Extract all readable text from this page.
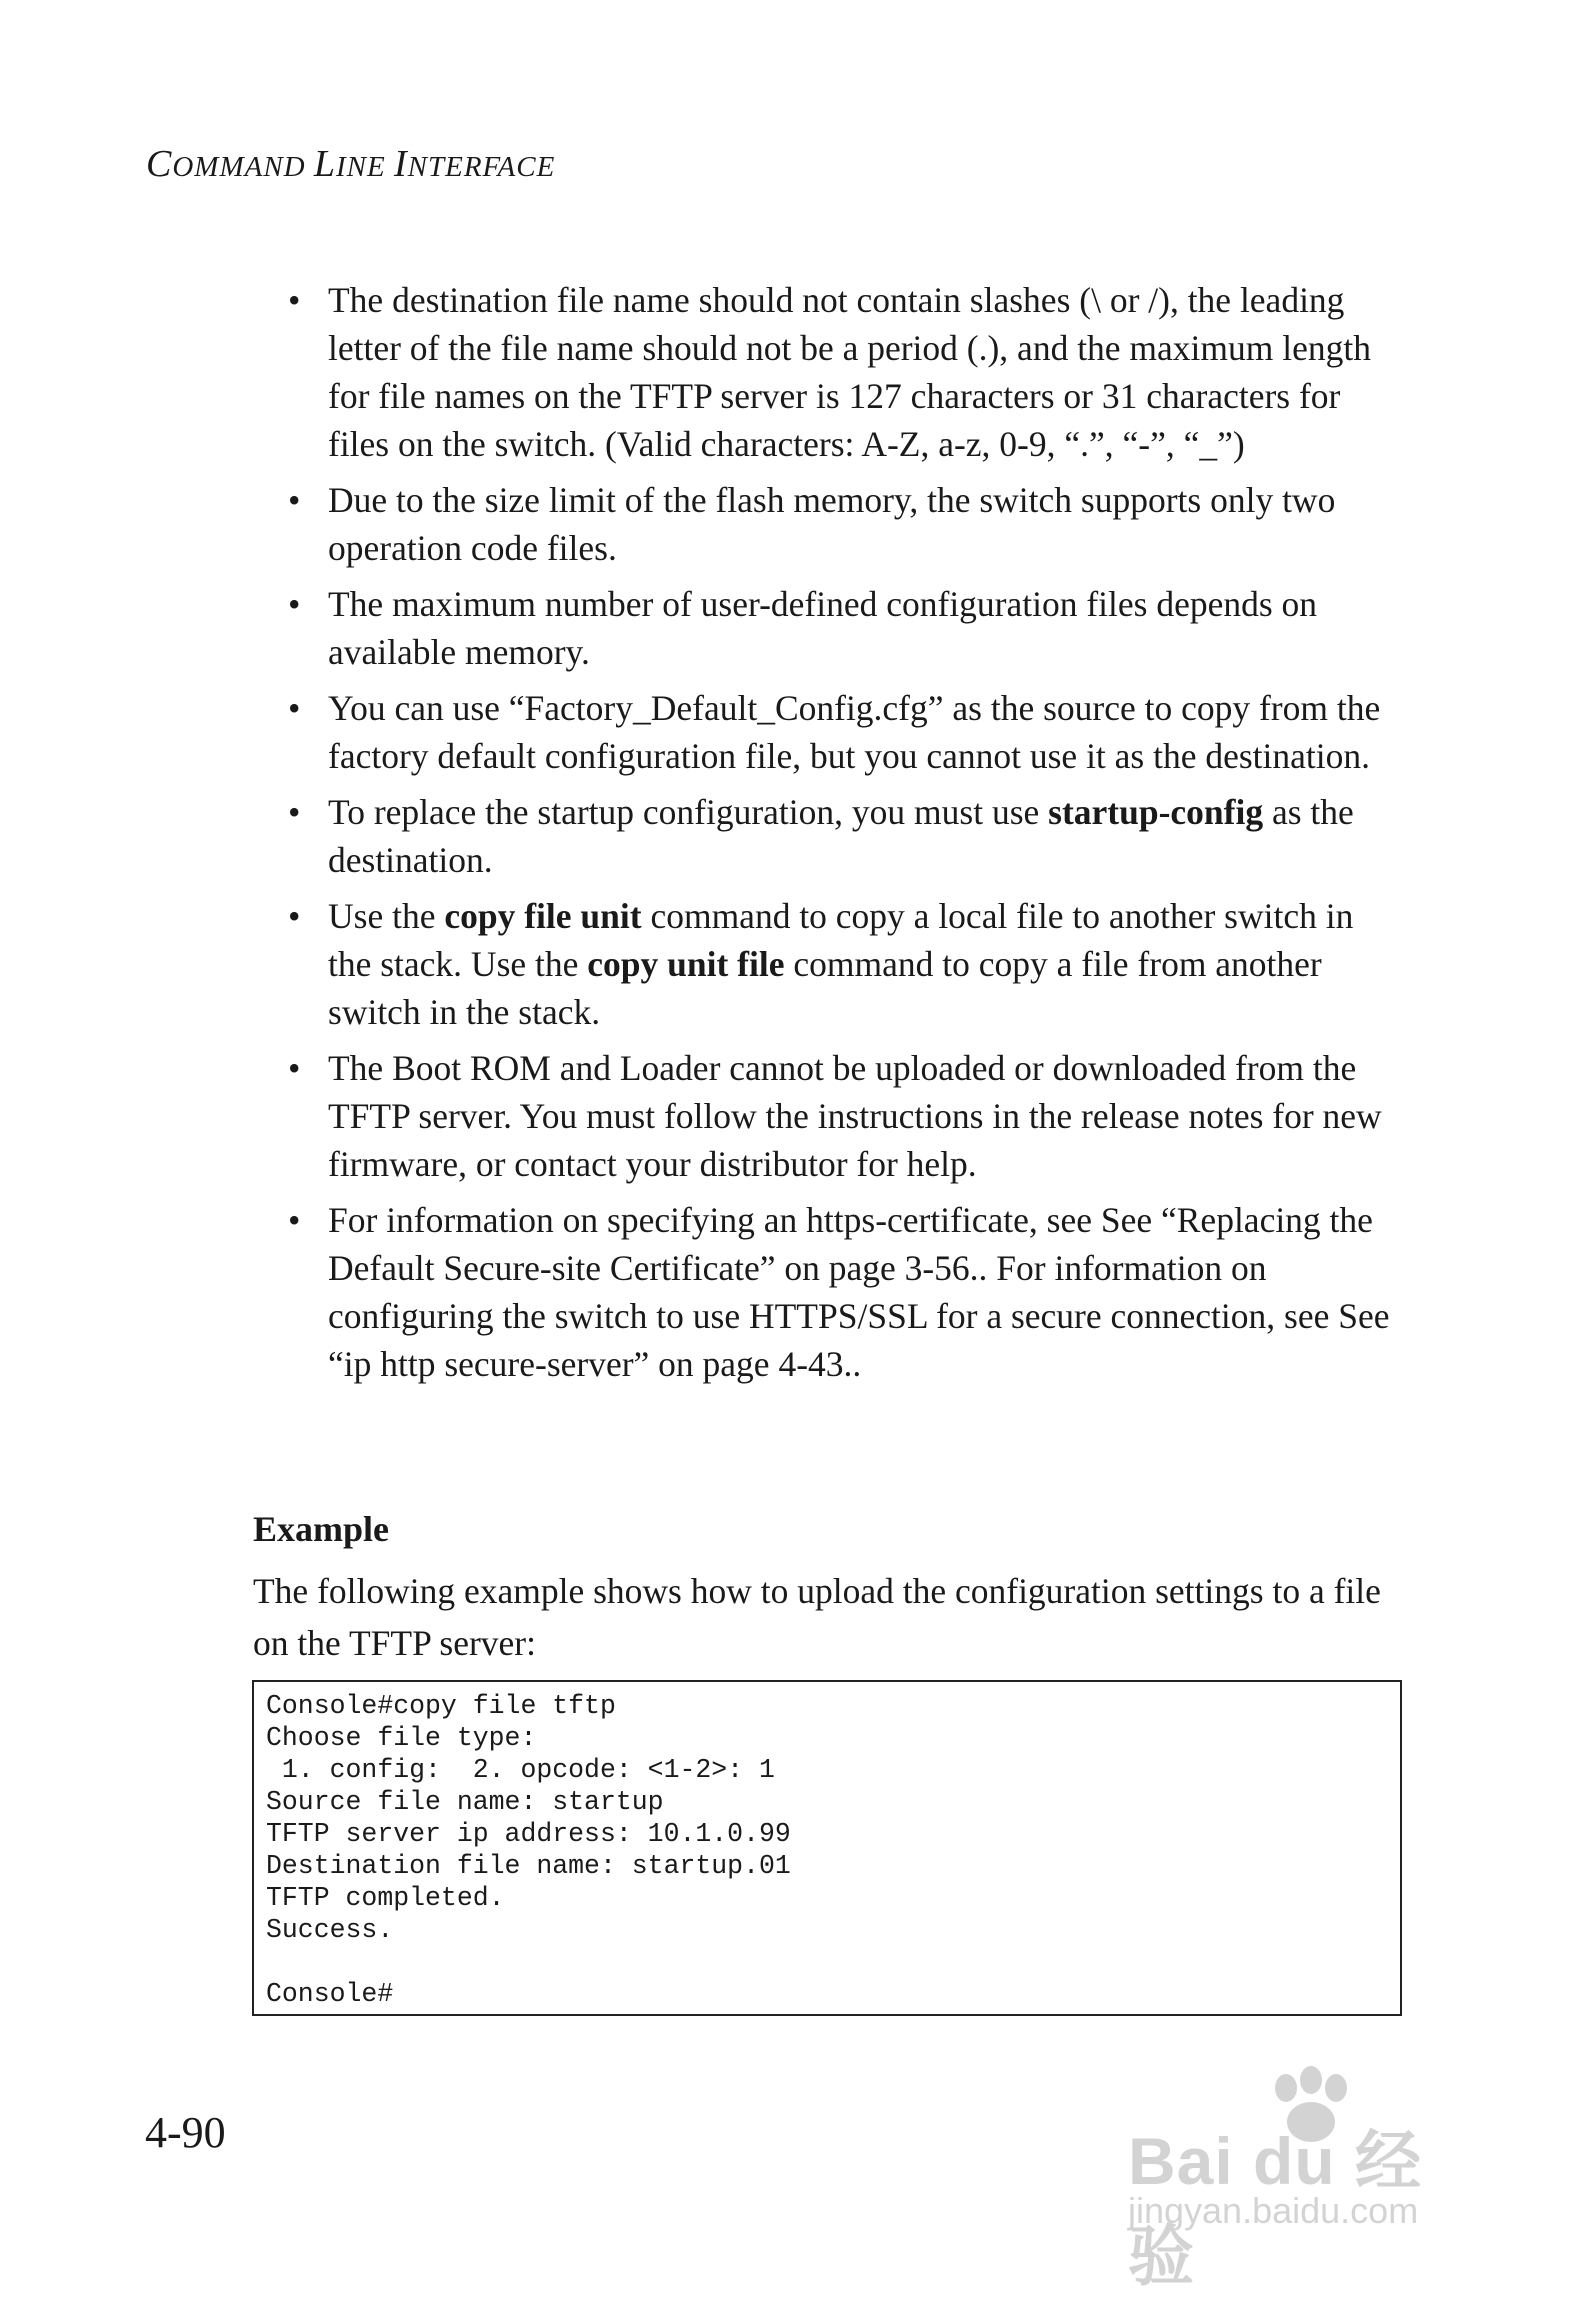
COMMAND LINE INTERFACE
• The destination file name should not contain slashes (\ or /), the leading letter of the file name should not be a period (.), and the maximum length for file names on the TFTP server is 127 characters or 31 characters for files on the switch. (Valid characters: A-Z, a-z, 0-9, “.”, “-”, “_”)
• Due to the size limit of the flash memory, the switch supports only two operation code files.
• The maximum number of user-defined configuration files depends on available memory.
• You can use “Factory_Default_Config.cfg” as the source to copy from the factory default configuration file, but you cannot use it as the destination.
• To replace the startup configuration, you must use startup-config as the destination.
• Use the copy file unit command to copy a local file to another switch in the stack. Use the copy unit file command to copy a file from another switch in the stack.
• The Boot ROM and Loader cannot be uploaded or downloaded from the TFTP server. You must follow the instructions in the release notes for new firmware, or contact your distributor for help.
• For information on specifying an https-certificate, see See “Replacing the Default Secure-site Certificate” on page 3-56.. For information on configuring the switch to use HTTPS/SSL for a secure connection, see See “ip http secure-server” on page 4-43..
Example

The following example shows how to upload the configuration settings to a file on the TFTP server:

Console#copy file tftp
Choose file type:
1. config:  2. opcode: <1-2>: 1
Source file name: startup
TFTP server ip address: 10.1.0.99
Destination file name: startup.01
TFTP completed.
Success.

Console#
4-90	Bai du 经验
jingyan.baidu.com
